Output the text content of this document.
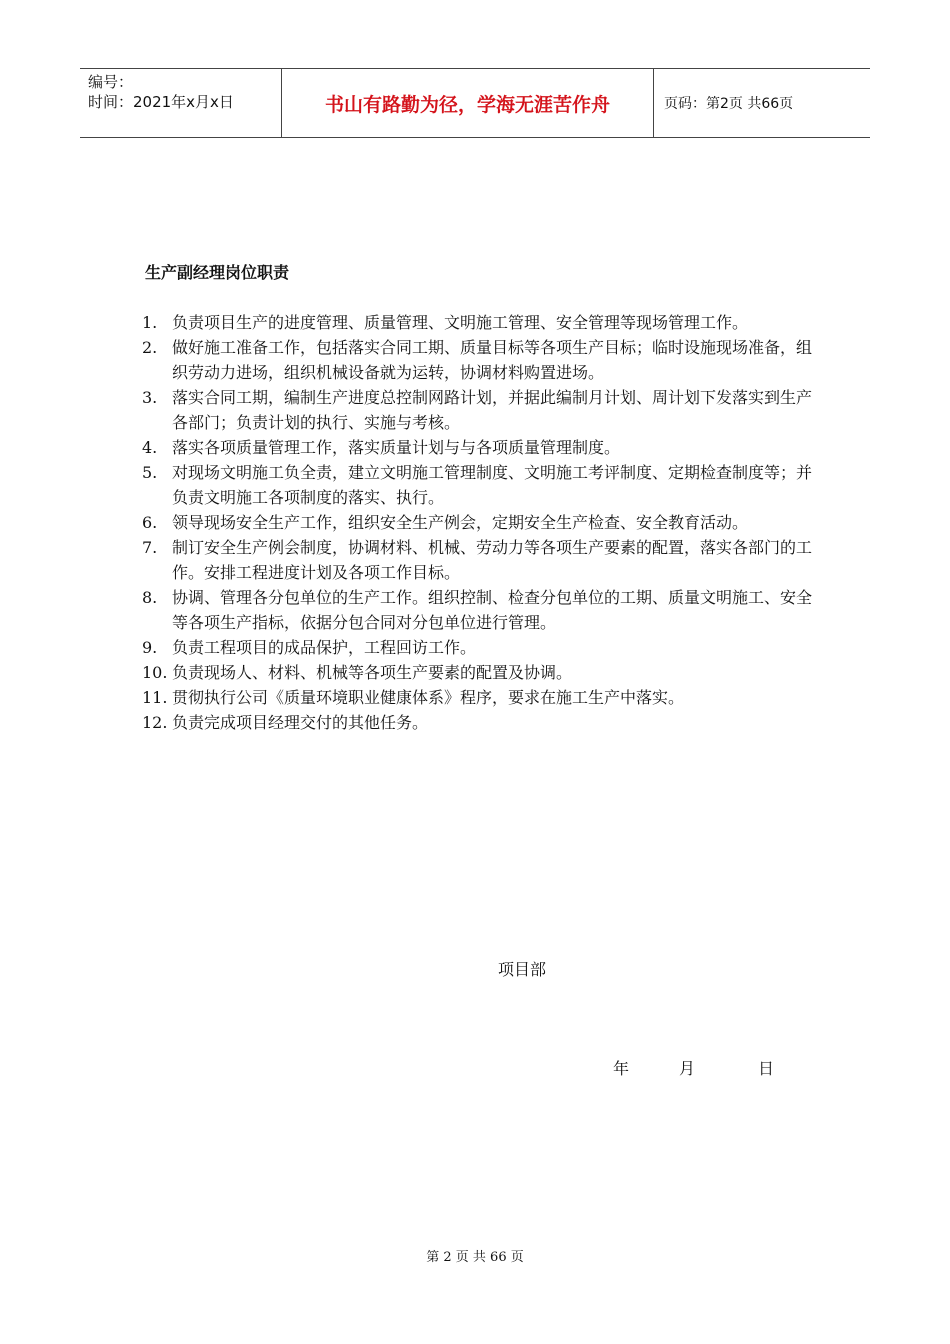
编号：
时间：2021年x月x日	书山有路勤为径，学海无涯苦作舟	页码：第2页 共66页
生产副经理岗位职责
1. 负责项目生产的进度管理、质量管理、文明施工管理、安全管理等现场管理工作。
2. 做好施工准备工作，包括落实合同工期、质量目标等各项生产目标；临时设施现场准备，组织劳动力进场，组织机械设备就为运转，协调材料购置进场。
3. 落实合同工期，编制生产进度总控制网路计划，并据此编制月计划、周计划下发落实到生产各部门；负责计划的执行、实施与考核。
4. 落实各项质量管理工作，落实质量计划与与各项质量管理制度。
5. 对现场文明施工负全责，建立文明施工管理制度、文明施工考评制度、定期检查制度等；并负责文明施工各项制度的落实、执行。
6. 领导现场安全生产工作，组织安全生产例会，定期安全生产检查、安全教育活动。
7. 制订安全生产例会制度，协调材料、机械、劳动力等各项生产要素的配置，落实各部门的工作。安排工程进度计划及各项工作目标。
8. 协调、管理各分包单位的生产工作。组织控制、检查分包单位的工期、质量文明施工、安全等各项生产指标，依据分包合同对分包单位进行管理。
9. 负责工程项目的成品保护，工程回访工作。
10. 负责现场人、材料、机械等各项生产要素的配置及协调。
11. 贯彻执行公司《质量环境职业健康体系》程序，要求在施工生产中落实。
12. 负责完成项目经理交付的其他任务。
项目部
年	月	日
第 2 页 共 66 页
